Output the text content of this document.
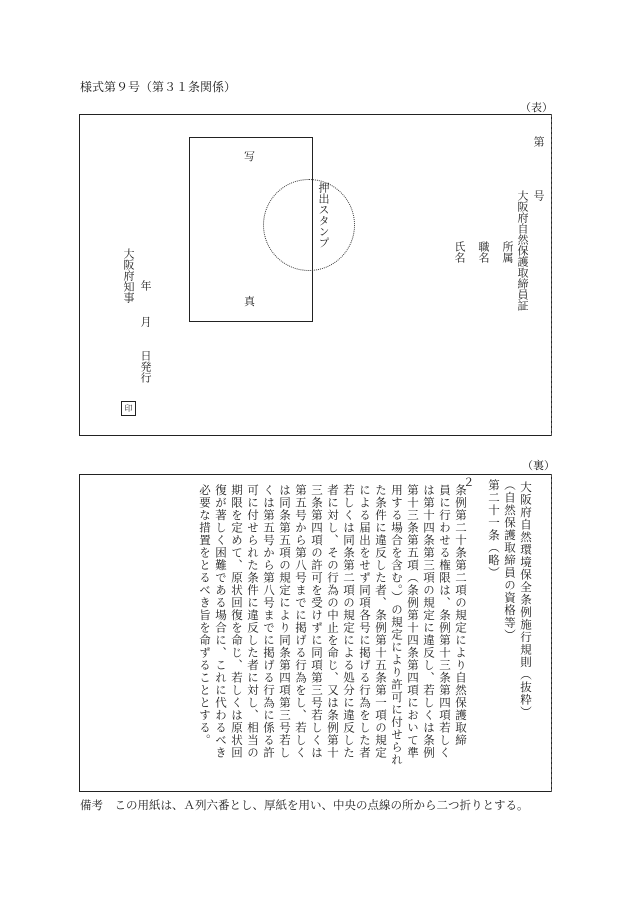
様式第９号（第３１条関係）
（表）
第
号
大阪府自然保護取締員証
所属
職名
氏名
写
真
押出スタンプ
大阪府知事 年
月
日発行
印
（裏）
大阪府自然環境保全条例施行規則（抜粋）
（自然保護取締員の資格等）
第二十一条（略）
２
条例第二十条第二項の規定により自然保護取締
員に行わせる権限は、条例第十三条第四項若しく
は第十四条第三項の規定に違反し、若しくは条例
第十三条第五項（条例第十四条第四項において準
用する場合を含む。）の規定により許可に付せられ
た条件に違反した者、条例第十五条第一項の規定
による届出をせず同項各号に掲げる行為をした者
若しくは同条第二項の規定による処分に違反した
者に対し、その行為の中止を命じ、又は条例第十
三条第四項の許可を受けずに同項第三号若しくは
第五号から第八号までに掲げる行為をし、若しく
は同条第五項の規定により同条第四項第三号若し
くは第五号から第八号までに掲げる行為に係る許
可に付せられた条件に違反した者に対し、相当の
期限を定めて、原状回復を命じ、若しくは原状回
復が著しく困難である場合に、これに代わるべき
必要な措置をとるべき旨を命ずることとする。
備考　この用紙は、Ａ列六番とし、厚紙を用い、中央の点線の所から二つ折りとする。
